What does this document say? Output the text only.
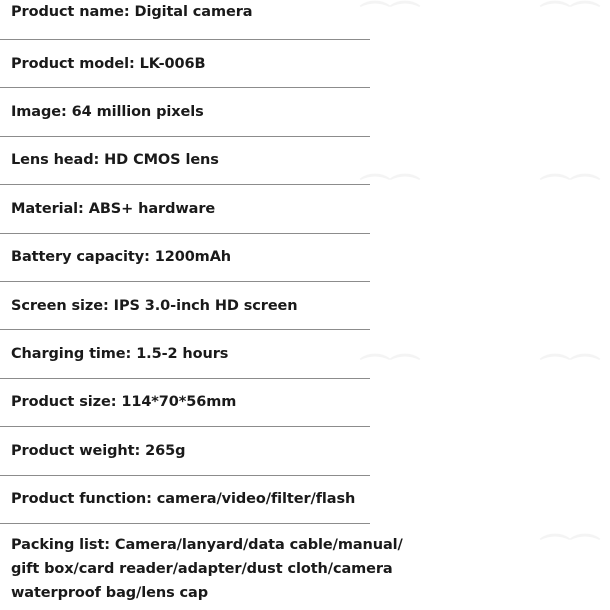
⌒⌒	⌒⌒
⌒⌒	⌒⌒
⌒⌒	⌒⌒
⌒⌒
Product name: Digital camera
Product model: LK-006B
Image: 64 million pixels
Lens head: HD CMOS lens
Material: ABS+ hardware
Battery capacity: 1200mAh
Screen size: IPS 3.0-inch HD screen
Charging time: 1.5-2 hours
Product size: 114*70*56mm
Product weight: 265g
Product function: camera/video/filter/flash
Packing list: Camera/lanyard/data cable/manual/
gift box/card reader/adapter/dust cloth/camera
waterproof bag/lens cap
